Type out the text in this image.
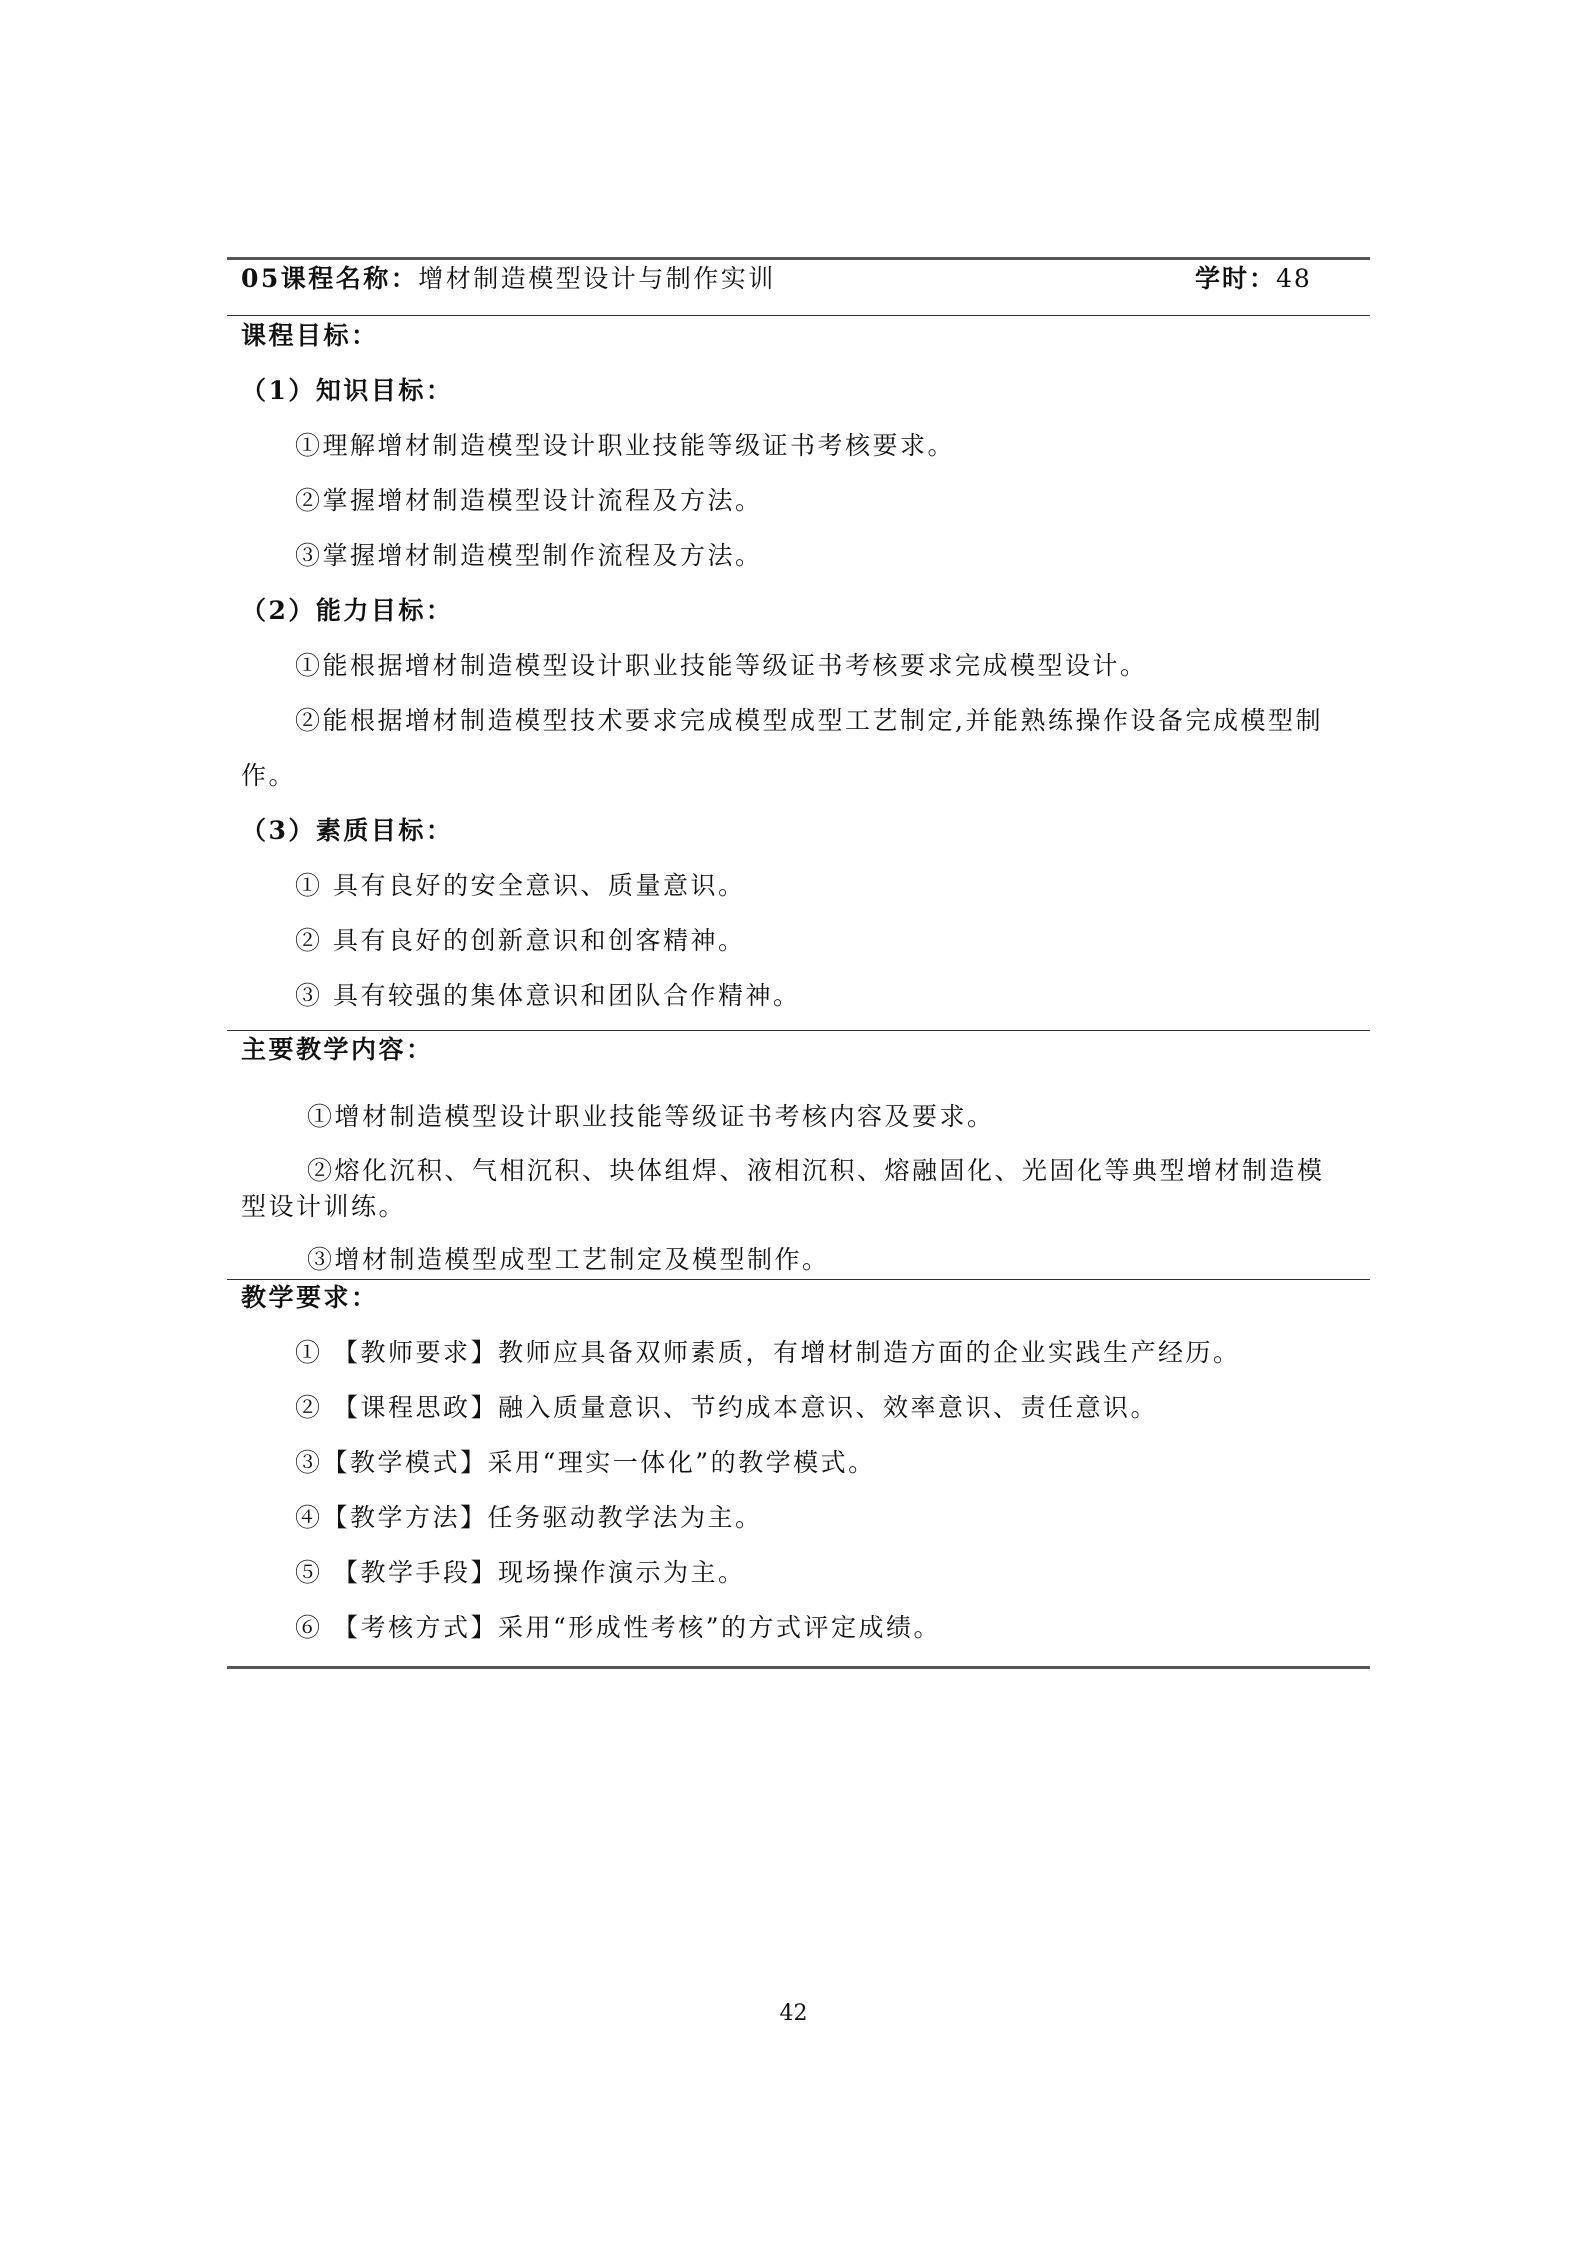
05课程名称：增材制造模型设计与制作实训	学时：48
课程目标：
（1）知识目标：
①理解增材制造模型设计职业技能等级证书考核要求。
②掌握增材制造模型设计流程及方法。
③掌握增材制造模型制作流程及方法。
（2）能力目标：
①能根据增材制造模型设计职业技能等级证书考核要求完成模型设计。
②能根据增材制造模型技术要求完成模型成型工艺制定,并能熟练操作设备完成模型制
作。
（3）素质目标：
① 具有良好的安全意识、质量意识。
② 具有良好的创新意识和创客精神。
③ 具有较强的集体意识和团队合作精神。
主要教学内容：
①增材制造模型设计职业技能等级证书考核内容及要求。
②熔化沉积、气相沉积、块体组焊、液相沉积、熔融固化、光固化等典型增材制造模
型设计训练。
③增材制造模型成型工艺制定及模型制作。
教学要求：
① 【教师要求】教师应具备双师素质，有增材制造方面的企业实践生产经历。
② 【课程思政】融入质量意识、节约成本意识、效率意识、责任意识。
③【教学模式】采用“理实一体化”的教学模式。
④【教学方法】任务驱动教学法为主。
⑤ 【教学手段】现场操作演示为主。
⑥ 【考核方式】采用“形成性考核”的方式评定成绩。
42
